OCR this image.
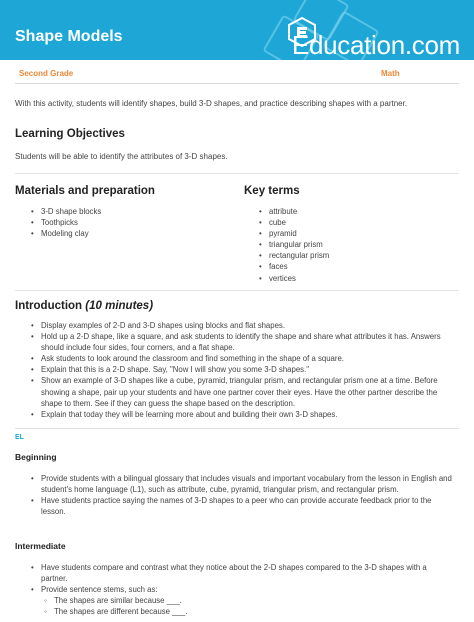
Shape Models	Education.com
Second Grade	Math
With this activity, students will identify shapes, build 3-D shapes, and practice describing shapes with a partner.
Learning Objectives
Students will be able to identify the attributes of 3-D shapes.
Materials and preparation
• 3-D shape blocks
• Toothpicks
• Modeling clay
Key terms
• attribute
• cube
• pyramid
• triangular prism
• rectangular prism
• faces
• vertices
Introduction (10 minutes)
• Display examples of 2-D and 3-D shapes using blocks and flat shapes.
• Hold up a 2-D shape, like a square, and ask students to identify the shape and share what attributes it has. Answers should include four sides, four corners, and a flat shape.
• Ask students to look around the classroom and find something in the shape of a square.
• Explain that this is a 2-D shape. Say, "Now I will show you some 3-D shapes."
• Show an example of 3-D shapes like a cube, pyramid, triangular prism, and rectangular prism one at a time. Before showing a shape, pair up your students and have one partner cover their eyes. Have the other partner describe the shape to them. See if they can guess the shape based on the description.
• Explain that today they will be learning more about and building their own 3-D shapes.
EL
Beginning
• Provide students with a bilingual glossary that includes visuals and important vocabulary from the lesson in English and student's home language (L1), such as attribute, cube, pyramid, triangular prism, and rectangular prism.
• Have students practice saying the names of 3-D shapes to a peer who can provide accurate feedback prior to the lesson.
Intermediate
• Have students compare and contrast what they notice about the 2-D shapes compared to the 3-D shapes with a partner.
• Provide sentence stems, such as:
◦ The shapes are similar because ___.
◦ The shapes are different because ___.
